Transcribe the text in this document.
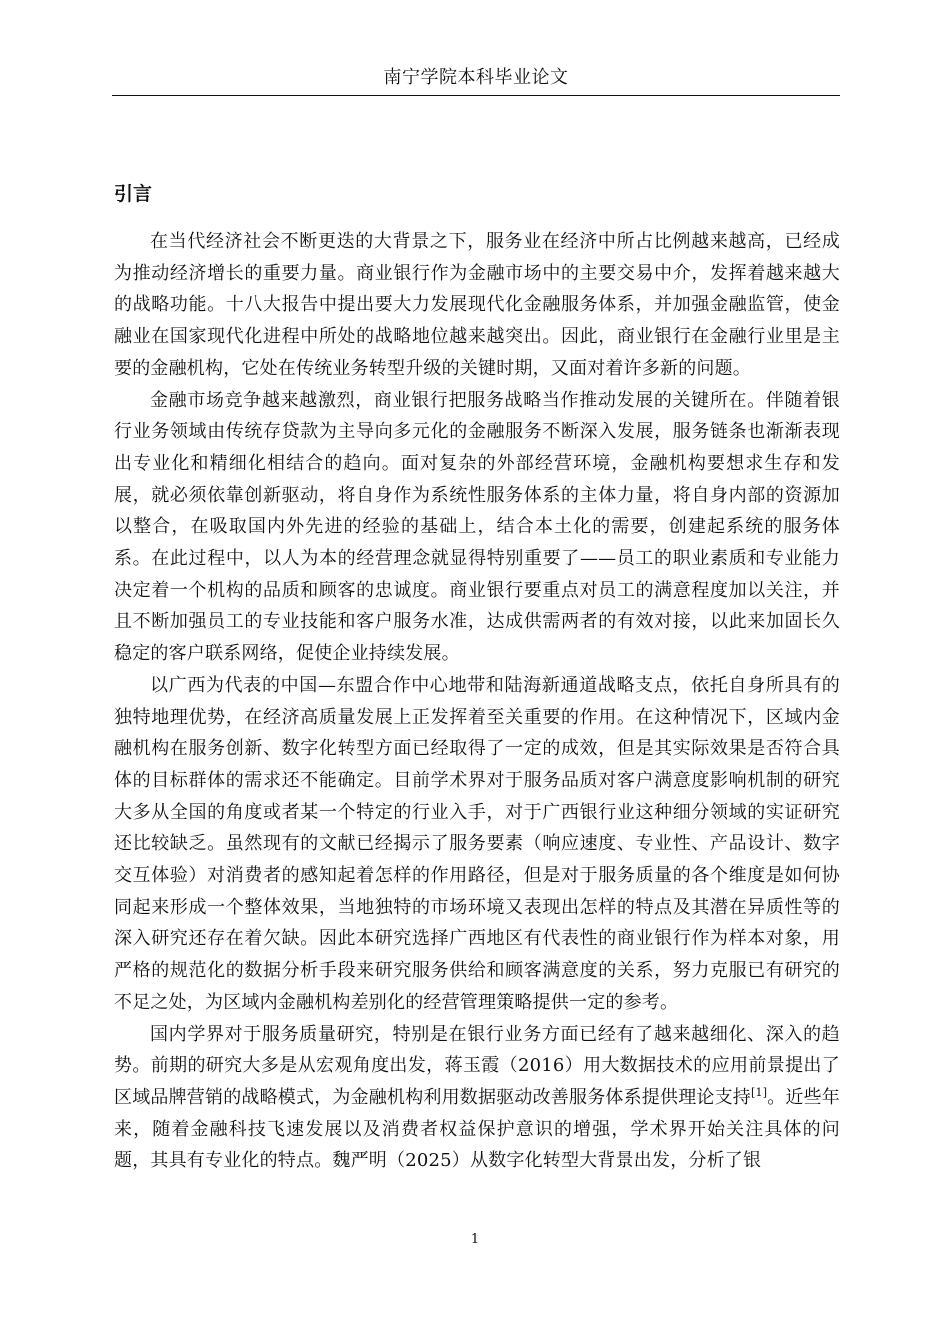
南宁学院本科毕业论文
引言

在当代经济社会不断更迭的大背景之下，服务业在经济中所占比例越来越高，已经成为推动经济增长的重要力量。商业银行作为金融市场中的主要交易中介，发挥着越来越大的战略功能。十八大报告中提出要大力发展现代化金融服务体系，并加强金融监管，使金融业在国家现代化进程中所处的战略地位越来越突出。因此，商业银行在金融行业里是主要的金融机构，它处在传统业务转型升级的关键时期，又面对着许多新的问题。

金融市场竞争越来越激烈，商业银行把服务战略当作推动发展的关键所在。伴随着银行业务领域由传统存贷款为主导向多元化的金融服务不断深入发展，服务链条也渐渐表现出专业化和精细化相结合的趋向。面对复杂的外部经营环境，金融机构要想求生存和发展，就必须依靠创新驱动，将自身作为系统性服务体系的主体力量，将自身内部的资源加以整合，在吸取国内外先进的经验的基础上，结合本土化的需要，创建起系统的服务体系。在此过程中，以人为本的经营理念就显得特别重要了——员工的职业素质和专业能力决定着一个机构的品质和顾客的忠诚度。商业银行要重点对员工的满意程度加以关注，并且不断加强员工的专业技能和客户服务水准，达成供需两者的有效对接，以此来加固长久稳定的客户联系网络，促使企业持续发展。

以广西为代表的中国—东盟合作中心地带和陆海新通道战略支点，依托自身所具有的独特地理优势，在经济高质量发展上正发挥着至关重要的作用。在这种情况下，区域内金融机构在服务创新、数字化转型方面已经取得了一定的成效，但是其实际效果是否符合具体的目标群体的需求还不能确定。目前学术界对于服务品质对客户满意度影响机制的研究大多从全国的角度或者某一个特定的行业入手，对于广西银行业这种细分领域的实证研究还比较缺乏。虽然现有的文献已经揭示了服务要素（响应速度、专业性、产品设计、数字交互体验）对消费者的感知起着怎样的作用路径，但是对于服务质量的各个维度是如何协同起来形成一个整体效果，当地独特的市场环境又表现出怎样的特点及其潜在异质性等的深入研究还存在着欠缺。因此本研究选择广西地区有代表性的商业银行作为样本对象，用严格的规范化的数据分析手段来研究服务供给和顾客满意度的关系，努力克服已有研究的不足之处，为区域内金融机构差别化的经营管理策略提供一定的参考。

国内学界对于服务质量研究，特别是在银行业务方面已经有了越来越细化、深入的趋势。前期的研究大多是从宏观角度出发，蒋玉霞（2016）用大数据技术的应用前景提出了区域品牌营销的战略模式，为金融机构利用数据驱动改善服务体系提供理论支持[1]。近些年来，随着金融科技飞速发展以及消费者权益保护意识的增强，学术界开始关注具体的问题，其具有专业化的特点。魏严明（2025）从数字化转型大背景出发，分析了银

1
